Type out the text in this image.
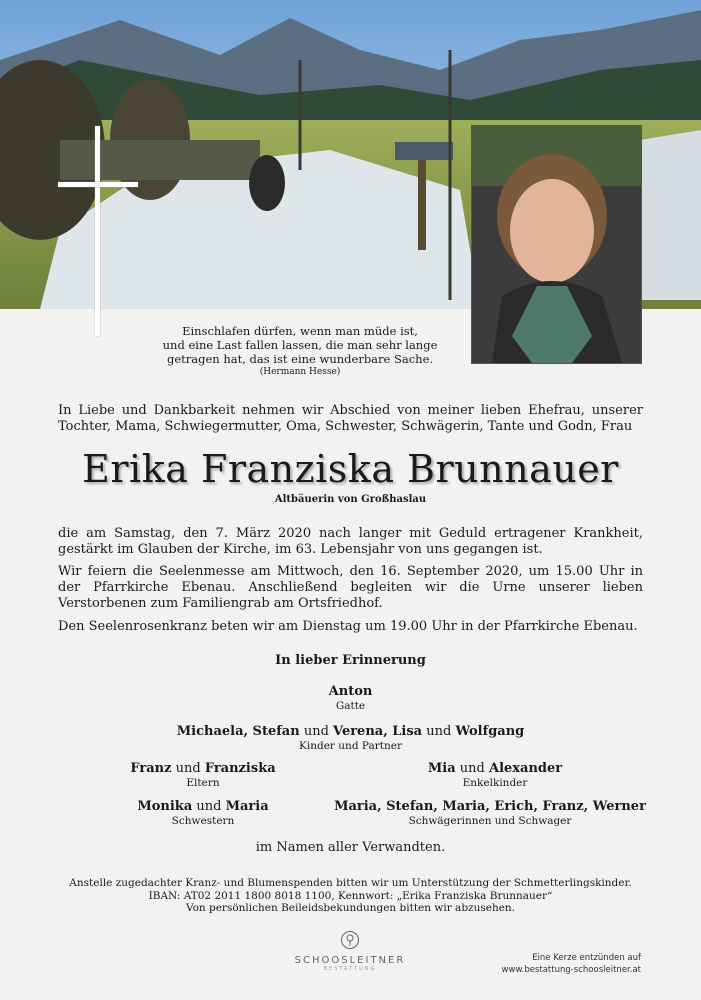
Einschlafen dürfen, wenn man müde ist,
und eine Last fallen lassen, die man sehr lange
getragen hat, das ist eine wunderbare Sache.
(Hermann Hesse)
In Liebe und Dankbarkeit nehmen wir Abschied von meiner lieben Ehefrau, unserer Tochter, Mama, Schwiegermutter, Oma, Schwester, Schwägerin, Tante und Godn, Frau
Erika Franziska Brunnauer
Altbäuerin von Großhaslau
die am Samstag, den 7. März 2020 nach langer mit Geduld ertragener Krankheit, gestärkt im Glauben der Kirche, im 63. Lebensjahr von uns gegangen ist.
Wir feiern die Seelenmesse am Mittwoch, den 16. September 2020, um 15.00 Uhr in der Pfarrkirche Ebenau. Anschließend begleiten wir die Urne unserer lieben Verstorbenen zum Familiengrab am Ortsfriedhof.
Den Seelenrosenkranz beten wir am Dienstag um 19.00 Uhr in der Pfarrkirche Ebenau.
In lieber Erinnerung
Anton
Gatte
Michaela, Stefan und Verena, Lisa und Wolfgang
Kinder und Partner
Franz und Franziska
Eltern
Mia und Alexander
Enkelkinder
Monika und Maria
Schwestern
Maria, Stefan, Maria, Erich, Franz, Werner
Schwägerinnen und Schwager
im Namen aller Verwandten.
Anstelle zugedachter Kranz- und Blumenspenden bitten wir um Unterstützung der Schmetterlingskinder.
IBAN: AT02 2011 1800 8018 1100, Kennwort: „Erika Franziska Brunnauer“
Von persönlichen Beileidsbekundungen bitten wir abzusehen.
SCHOOSLEITNER
BESTATTUNG
Eine Kerze entzünden auf
www.bestattung-schoosleitner.at
